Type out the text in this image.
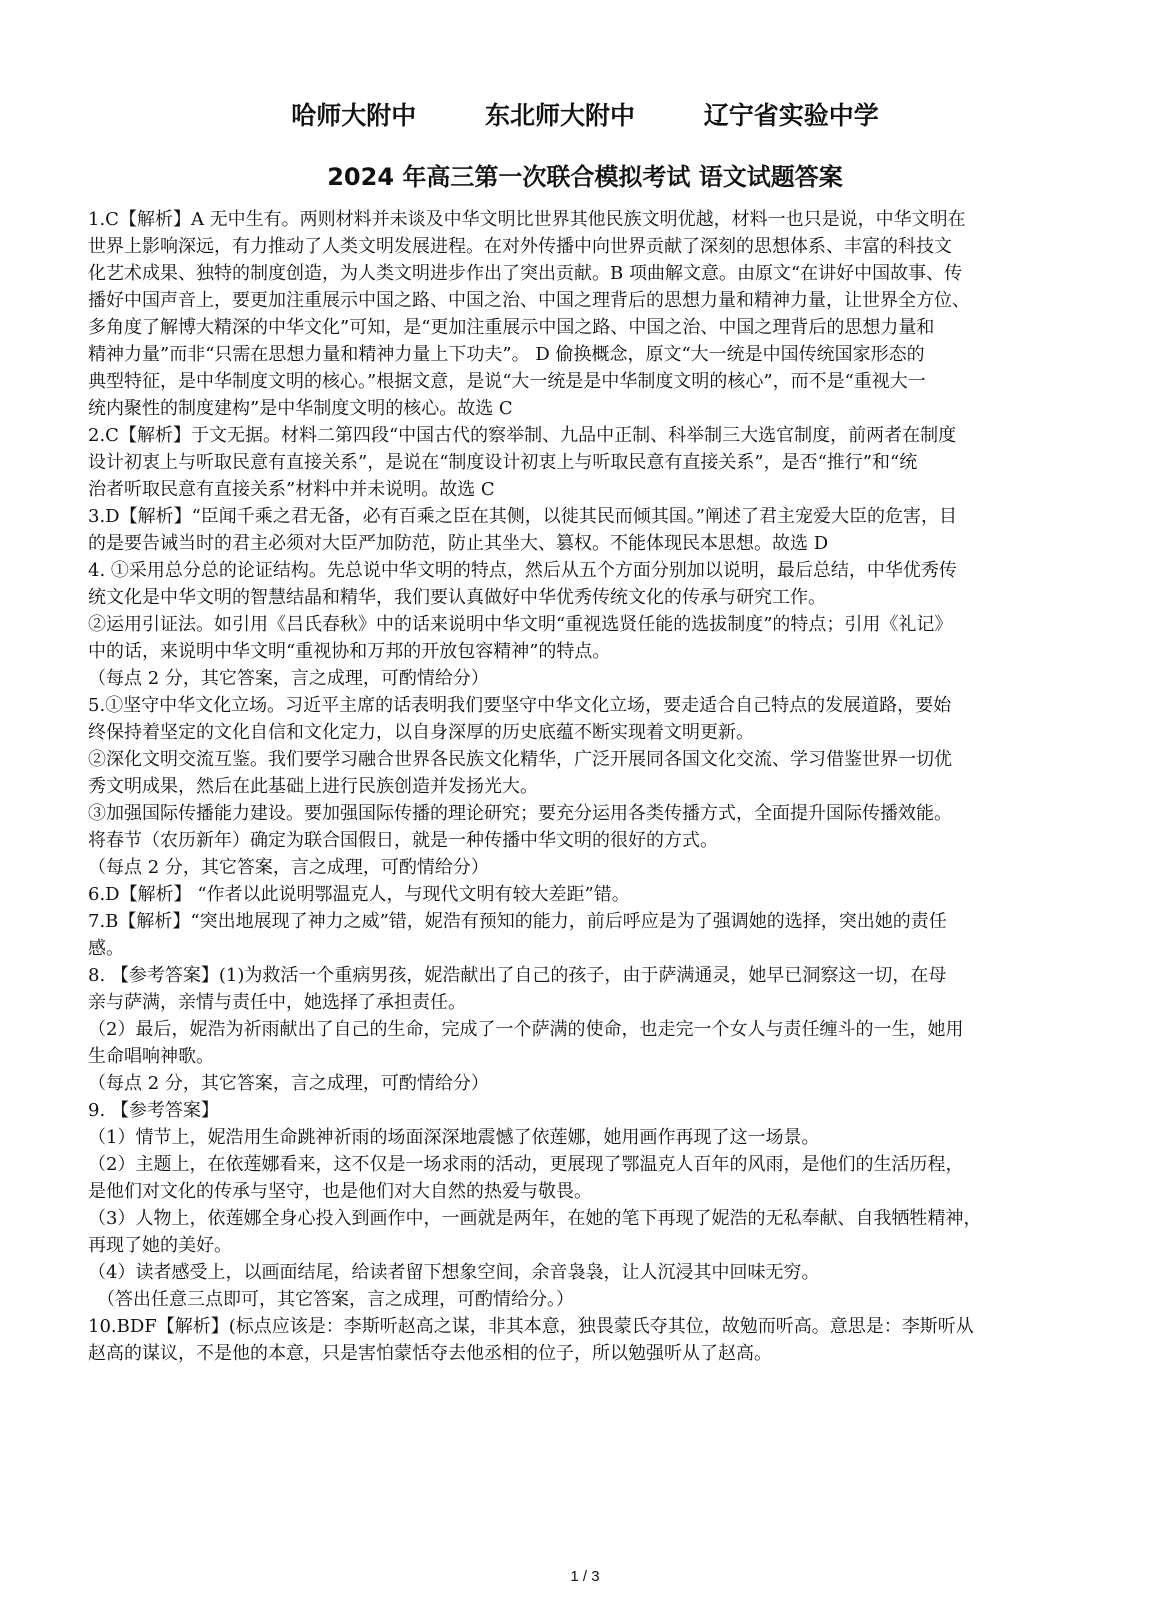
哈师大附中	东北师大附中	辽宁省实验中学
2024 年高三第一次联合模拟考试 语文试题答案
1.C【解析】A 无中生有。两则材料并未谈及中华文明比世界其他民族文明优越，材料一也只是说，中华文明在
世界上影响深远，有力推动了人类文明发展进程。在对外传播中向世界贡献了深刻的思想体系、丰富的科技文
化艺术成果、独特的制度创造，为人类文明进步作出了突出贡献。B 项曲解文意。由原文“在讲好中国故事、传
播好中国声音上，要更加注重展示中国之路、中国之治、中国之理背后的思想力量和精神力量，让世界全方位、
多角度了解博大精深的中华文化”可知，是“更加注重展示中国之路、中国之治、中国之理背后的思想力量和
精神力量”而非“只需在思想力量和精神力量上下功夫”。 D 偷换概念，原文“大一统是中国传统国家形态的
典型特征，是中华制度文明的核心。”根据文意，是说“大一统是是中华制度文明的核心”，而不是“重视大一
统内聚性的制度建构”是中华制度文明的核心。故选 C
2.C【解析】于文无据。材料二第四段“中国古代的察举制、九品中正制、科举制三大选官制度，前两者在制度
设计初衷上与听取民意有直接关系”，是说在“制度设计初衷上与听取民意有直接关系”，是否“推行”和“统
治者听取民意有直接关系”材料中并未说明。故选 C
3.D【解析】“臣闻千乘之君无备，必有百乘之臣在其侧，以徙其民而倾其国。”阐述了君主宠爱大臣的危害，目
的是要告诫当时的君主必须对大臣严加防范，防止其坐大、篡权。不能体现民本思想。故选 D
4. ①采用总分总的论证结构。先总说中华文明的特点，然后从五个方面分别加以说明，最后总结，中华优秀传
统文化是中华文明的智慧结晶和精华，我们要认真做好中华优秀传统文化的传承与研究工作。
②运用引证法。如引用《吕氏春秋》中的话来说明中华文明“重视选贤任能的选拔制度”的特点；引用《礼记》
中的话，来说明中华文明“重视协和万邦的开放包容精神”的特点。
（每点 2 分，其它答案，言之成理，可酌情给分）
5.①坚守中华文化立场。习近平主席的话表明我们要坚守中华文化立场，要走适合自己特点的发展道路，要始
终保持着坚定的文化自信和文化定力，以自身深厚的历史底蕴不断实现着文明更新。
②深化文明交流互鉴。我们要学习融合世界各民族文化精华，广泛开展同各国文化交流、学习借鉴世界一切优
秀文明成果，然后在此基础上进行民族创造并发扬光大。
③加强国际传播能力建设。要加强国际传播的理论研究；要充分运用各类传播方式，全面提升国际传播效能。
将春节（农历新年）确定为联合国假日，就是一种传播中华文明的很好的方式。
（每点 2 分，其它答案，言之成理，可酌情给分）
6.D【解析】 “作者以此说明鄂温克人，与现代文明有较大差距”错。
7.B【解析】“突出地展现了神力之威”错，妮浩有预知的能力，前后呼应是为了强调她的选择，突出她的责任
感。
8. 【参考答案】(1)为救活一个重病男孩，妮浩献出了自己的孩子，由于萨满通灵，她早已洞察这一切，在母
亲与萨满，亲情与责任中，她选择了承担责任。
（2）最后，妮浩为祈雨献出了自己的生命，完成了一个萨满的使命，也走完一个女人与责任缠斗的一生，她用
生命唱响神歌。
（每点 2 分，其它答案，言之成理，可酌情给分）
9. 【参考答案】
（1）情节上，妮浩用生命跳神祈雨的场面深深地震憾了依莲娜，她用画作再现了这一场景。
（2）主题上，在依莲娜看来，这不仅是一场求雨的活动，更展现了鄂温克人百年的风雨，是他们的生活历程，
是他们对文化的传承与坚守，也是他们对大自然的热爱与敬畏。
（3）人物上，依莲娜全身心投入到画作中，一画就是两年，在她的笔下再现了妮浩的无私奉献、自我牺牲精神，
再现了她的美好。
（4）读者感受上，以画面结尾，给读者留下想象空间，余音袅袅，让人沉浸其中回味无穷。
　（答出任意三点即可，其它答案，言之成理，可酌情给分。）
10.BDF【解析】(标点应该是：李斯听赵高之谋，非其本意，独畏蒙氏夺其位，故勉而听高。意思是：李斯听从
赵高的谋议，不是他的本意，只是害怕蒙恬夺去他丞相的位子，所以勉强听从了赵高。
1 / 3
